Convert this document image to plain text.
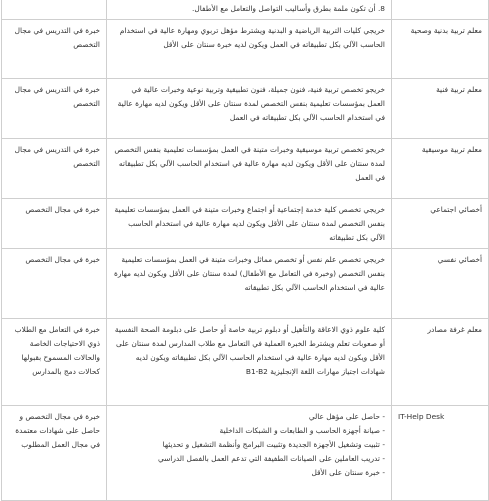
	8. أن تكون ملمة بطرق وأساليب التواصل والتعامل مع الأطفال.	
معلم تربية بدنية وصحية	خريجي كليات التربية الرياضية و البدنية ويشترط مؤهل تربوي ومهارة عالية في استخدام الحاسب الآلي بكل تطبيقاته في العمل ويكون لديه خبرة سنتان على الأقل	خبرة في التدريس في مجال التخصص
معلم تربية فنية	خريجو تخصص تربية فنية، فنون جميلة، فنون تطبيقية وتربية نوعية وخبرات عالية في العمل بمؤسسات تعليمية بنفس التخصص لمدة سنتان على الأقل ويكون لديه مهارة عالية في استخدام الحاسب الآلي بكل تطبيقاته في العمل	خبرة في التدريس في مجال التخصص
معلم تربية موسيقية	خريجو تخصص تربية موسيقية وخبرات متينة في العمل بمؤسسات تعليمية بنفس التخصص لمدة سنتان على الأقل ويكون لديه مهارة عالية في استخدام الحاسب الآلي بكل تطبيقاته في العمل	خبرة في التدريس في مجال التخصص
أخصائي اجتماعي	خريجي تخصص كلية خدمة إجتماعية أو اجتماع وخبرات متينة في العمل بمؤسسات تعليمية بنفس التخصص لمدة سنتان على الأقل ويكون لديه مهارة عالية في استخدام الحاسب الآلي بكل تطبيقاته	خبرة في مجال التخصص
أخصائي نفسي	خريجي تخصص علم نفس أو تخصص مماثل وخبرات متينة في العمل بمؤسسات تعليمية بنفس التخصص (وخبرة في التعامل مع الأطفال) لمدة سنتان على الأقل ويكون لديه مهارة عالية في استخدام الحاسب الآلي بكل تطبيقاته	خبرة في مجال التخصص
معلم غرفة مصادر	كلية علوم ذوي الاعاقة والتأهيل أو دبلوم تربية خاصة أو حاصل على دبلومة الصحة النفسية أو صعوبات تعلم ويشترط الخبرة العملية في التعامل مع طلاب المدارس لمدة سنتان على الأقل ويكون لديه مهارة عالية في استخدام الحاسب الآلي بكل تطبيقاته ويكون لديه شهادات اجتياز مهارات اللغة الإنجليزية B1-B2	خبرة في التعامل مع الطلاب ذوي الاحتياجات الخاصة والحالات المسموح بقبولها كحالات دمج بالمدارس

IT-Help Desk	- حاصل على مؤهل عالي
- صيانة أجهزة الحاسب و الطابعات و الشبكات الداخلية
- تثبيت وتشغيل الأجهزة الجديدة وتثبيت البرامج وأنظمة التشغيل و تحديثها
- تدريب العاملين على الصيانات الطفيفة التي تدعم العمل بالفصل الدراسي
- خبرة سنتان على الأقل	خبرة في مجال التخصص و حاصل على شهادات معتمدة في مجال العمل المطلوب
